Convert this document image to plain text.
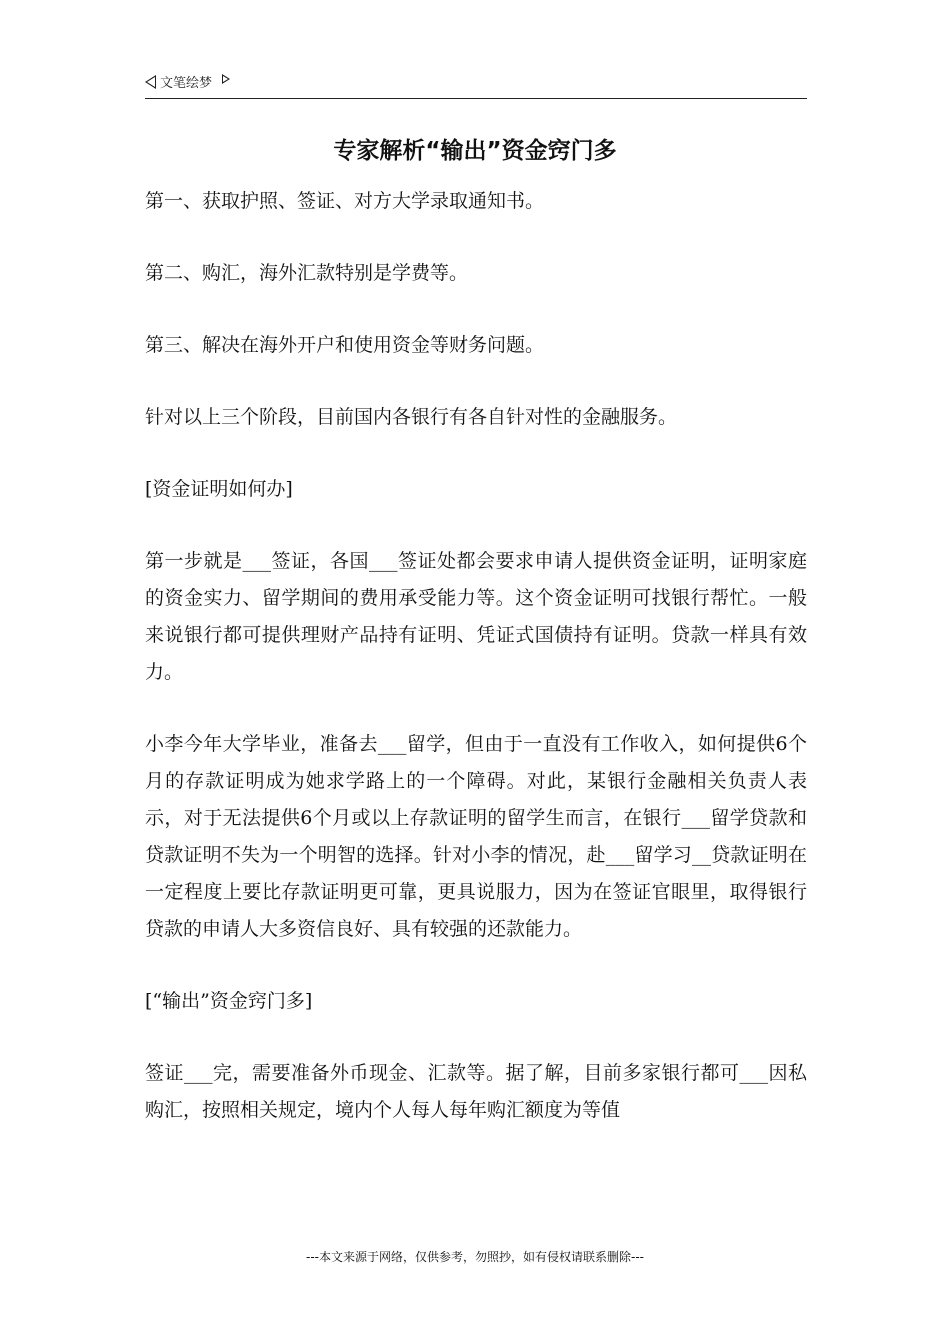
文笔绘梦
专家解析“输出”资金窍门多

第一、获取护照、签证、对方大学录取通知书。

第二、购汇，海外汇款特别是学费等。

第三、解决在海外开户和使用资金等财务问题。

针对以上三个阶段，目前国内各银行有各自针对性的金融服务。

[资金证明如何办]

第一步就是___签证，各国___签证处都会要求申请人提供资金证明，证明家庭的资金实力、留学期间的费用承受能力等。这个资金证明可找银行帮忙。一般来说银行都可提供理财产品持有证明、凭证式国债持有证明。贷款一样具有效力。

小李今年大学毕业，准备去___留学，但由于一直没有工作收入，如何提供6个月的存款证明成为她求学路上的一个障碍。对此，某银行金融相关负责人表示，对于无法提供6个月或以上存款证明的留学生而言，在银行___留学贷款和贷款证明不失为一个明智的选择。针对小李的情况，赴___留学习__贷款证明在一定程度上要比存款证明更可靠，更具说服力，因为在签证官眼里，取得银行贷款的申请人大多资信良好、具有较强的还款能力。

[“输出”资金窍门多]

签证___完，需要准备外币现金、汇款等。据了解，目前多家银行都可___因私购汇，按照相关规定，境内个人每人每年购汇额度为等值

---本文来源于网络，仅供参考，勿照抄，如有侵权请联系删除---
